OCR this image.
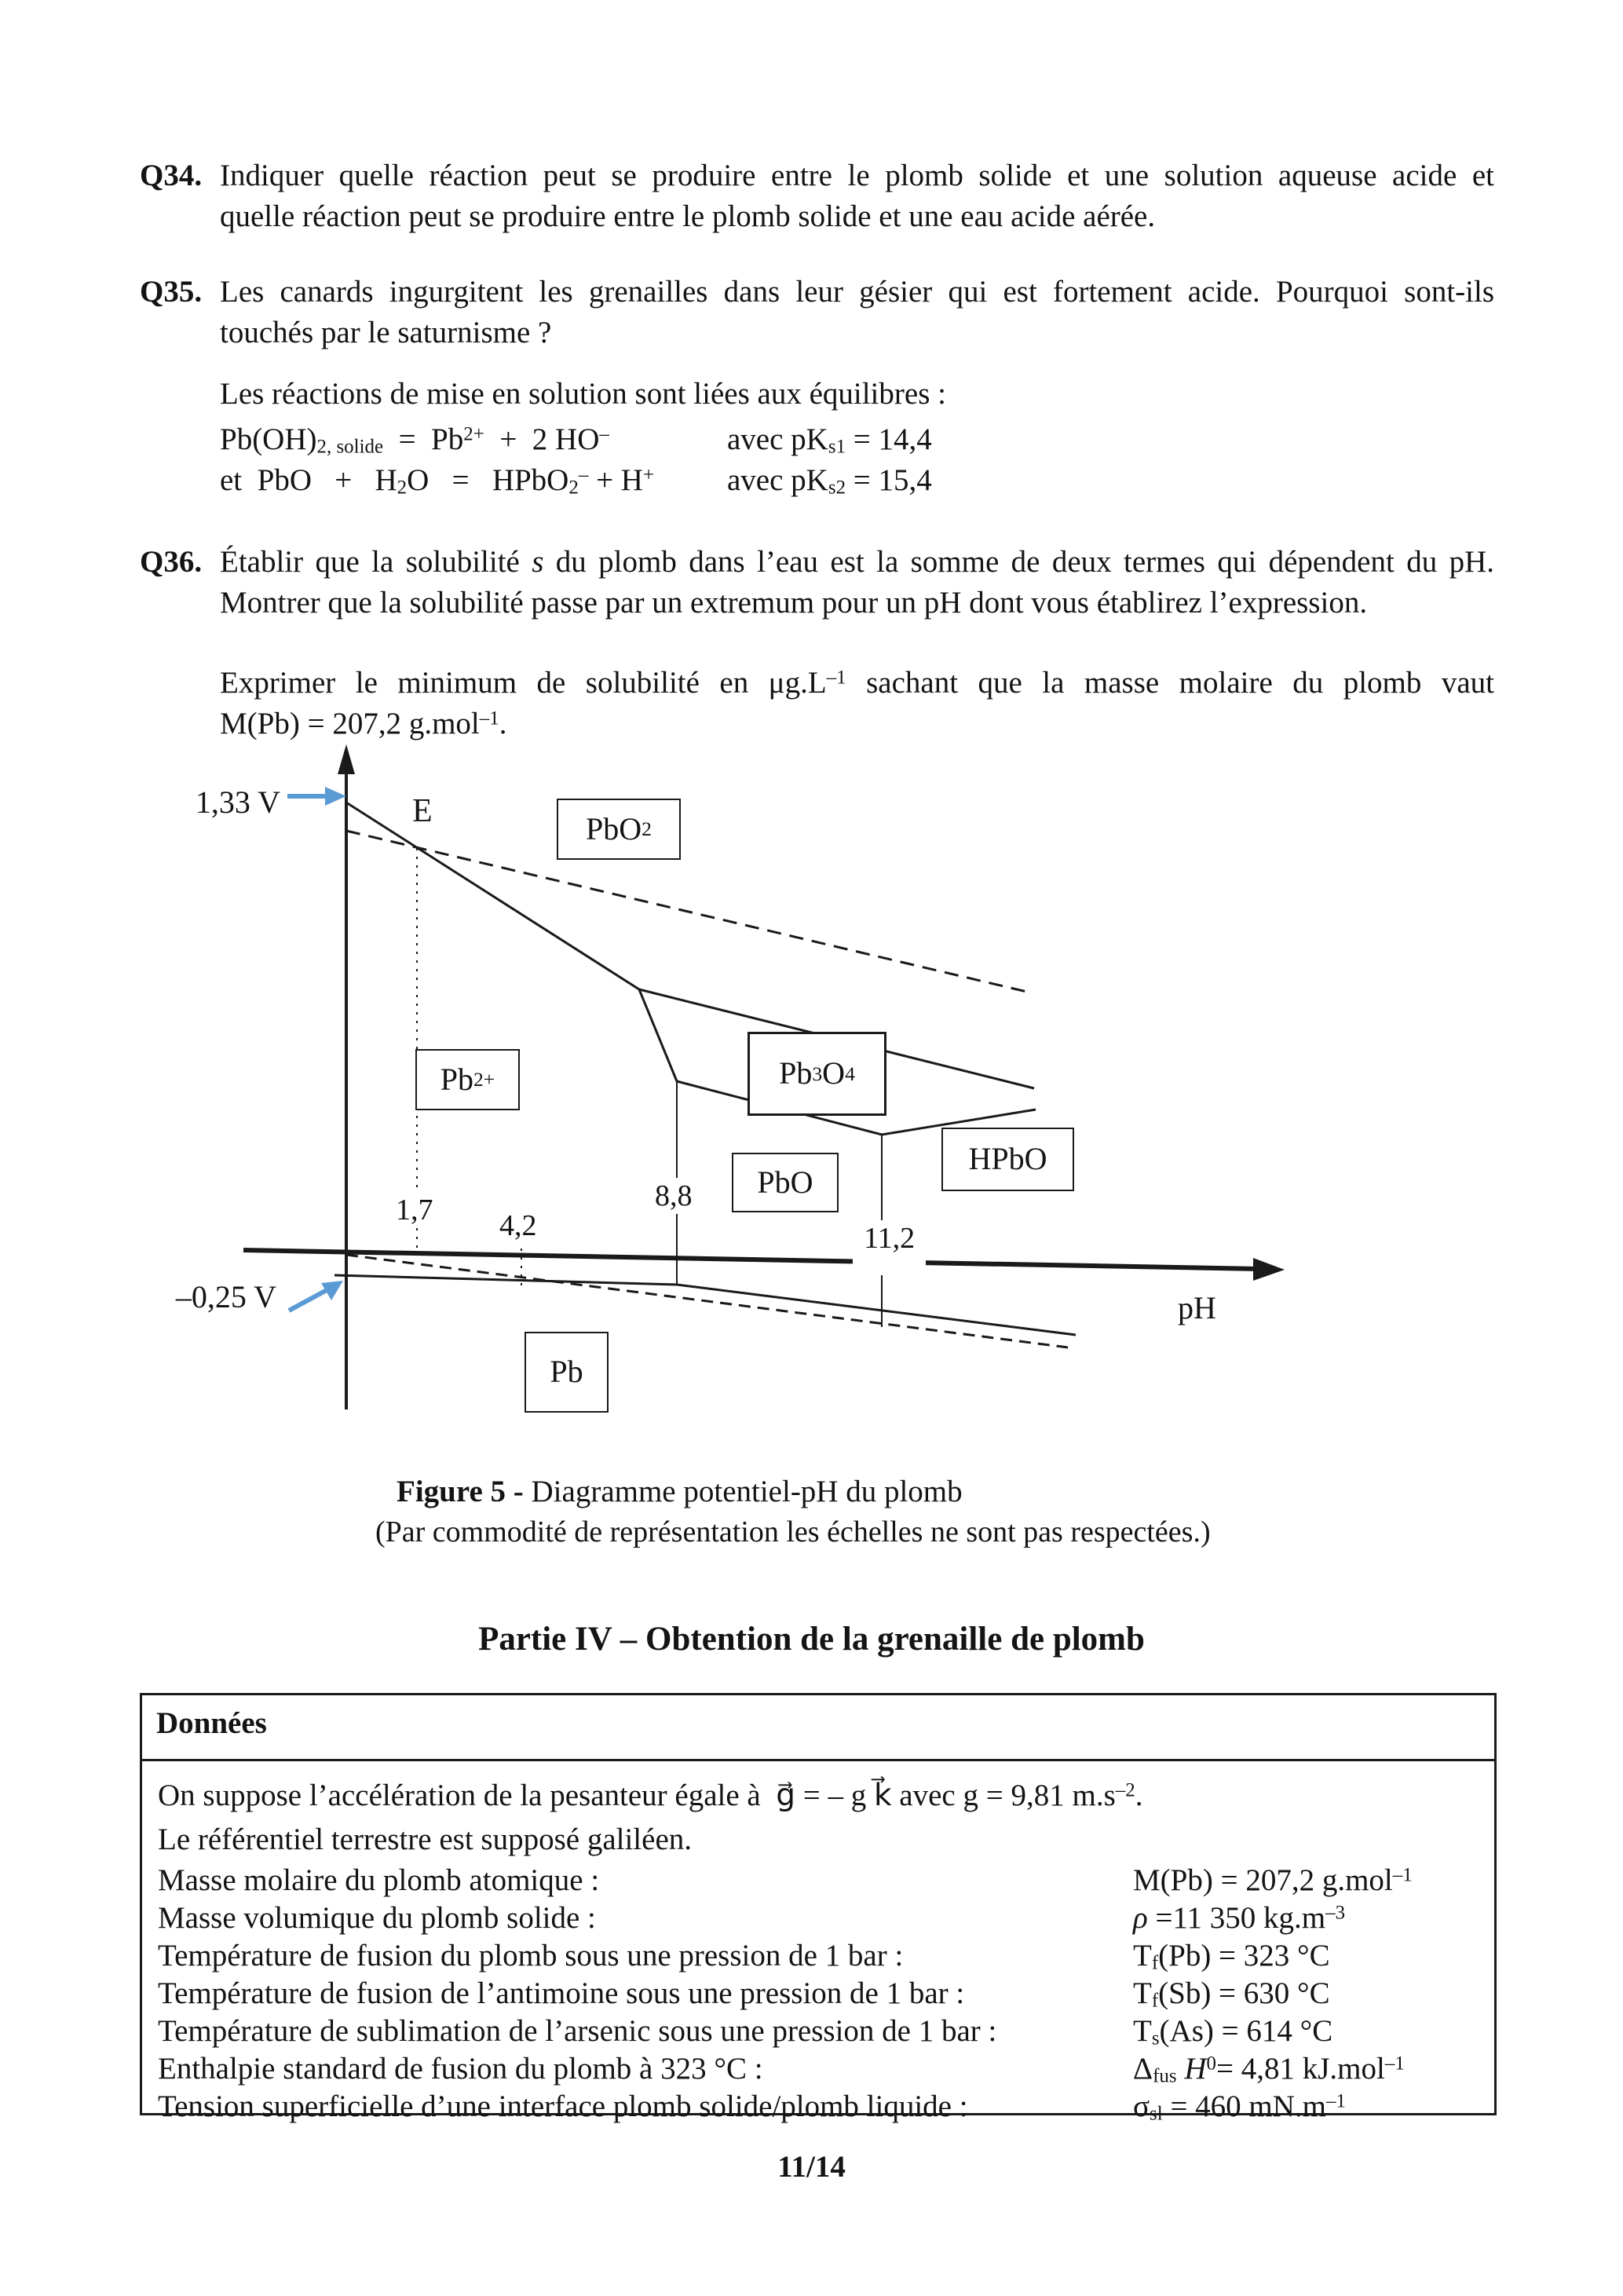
Q34. Indiquer quelle réaction peut se produire entre le plomb solide et une solution aqueuse acide et
quelle réaction peut se produire entre le plomb solide et une eau acide aérée.
Q35. Les canards ingurgitent les grenailles dans leur gésier qui est fortement acide. Pourquoi sont-ils
touchés par le saturnisme ?
Les réactions de mise en solution sont liées aux équilibres :
$Pb(OH)_{2, solide} = Pb^{2+} + 2$ HO–	avec $pK_{s1} = 14,4$
et  PbO   +   $H_2O$   =   HPbO$_2$– + H+ avec $pK_{s2} = 15,4$
Q36. Établir que la solubilité s du plomb dans l’eau est la somme de deux termes qui dépendent du pH.
Montrer que la solubilité passe par un extremum pour un pH dont vous établirez l’expression.
Exprimer le minimum de solubilité en $\mu g.L^{-1}$ sachant que la masse molaire du plomb vaut
M(Pb) = 207,2 g.mol$^{-1}$.
PbO 2
Pb 2+	Pb 3 O 4
HPbO
PbO
Pb
1,33 V
–0,25 V
E
pH
1,7 4,2
8,8
11,2
Figure 5 - Diagramme potentiel-pH du plomb
(Par commodité de représentation les échelles ne sont pas respectées.)
Partie IV – Obtention de la grenaille de plomb
Données
On suppose l’accélération de la pesanteur égale à  g⃗ = – g k⃗ avec g = 9,81 $m.s^{-2}$.
Le référentiel terrestre est supposé galiléen.
Masse molaire du plomb atomique :	M(Pb) = 207,2 g.mol$^{-1}$
Masse volumique du plomb solide :	ρ =11 350 $kg.m^{-3}$
Température de fusion du plomb sous une pression de 1 bar :	$T_f(Pb) = 323$ °C
Température de fusion de l’antimoine sous une pression de 1 bar :	$T_f(Sb) = 630$ °C
Température de sublimation de l’arsenic sous une pression de 1 bar :	$T_s(As) = 614$ °C
Enthalpie standard de fusion du plomb à 323 °C :	$\Delta_{fus}$ $H^0= 4,81$ kJ.mol$^{-1}$
Tension superficielle d’une interface plomb solide/plomb liquide :	$\sigma_{sl} = 460$ $mN.m^{-1}$
11/14
